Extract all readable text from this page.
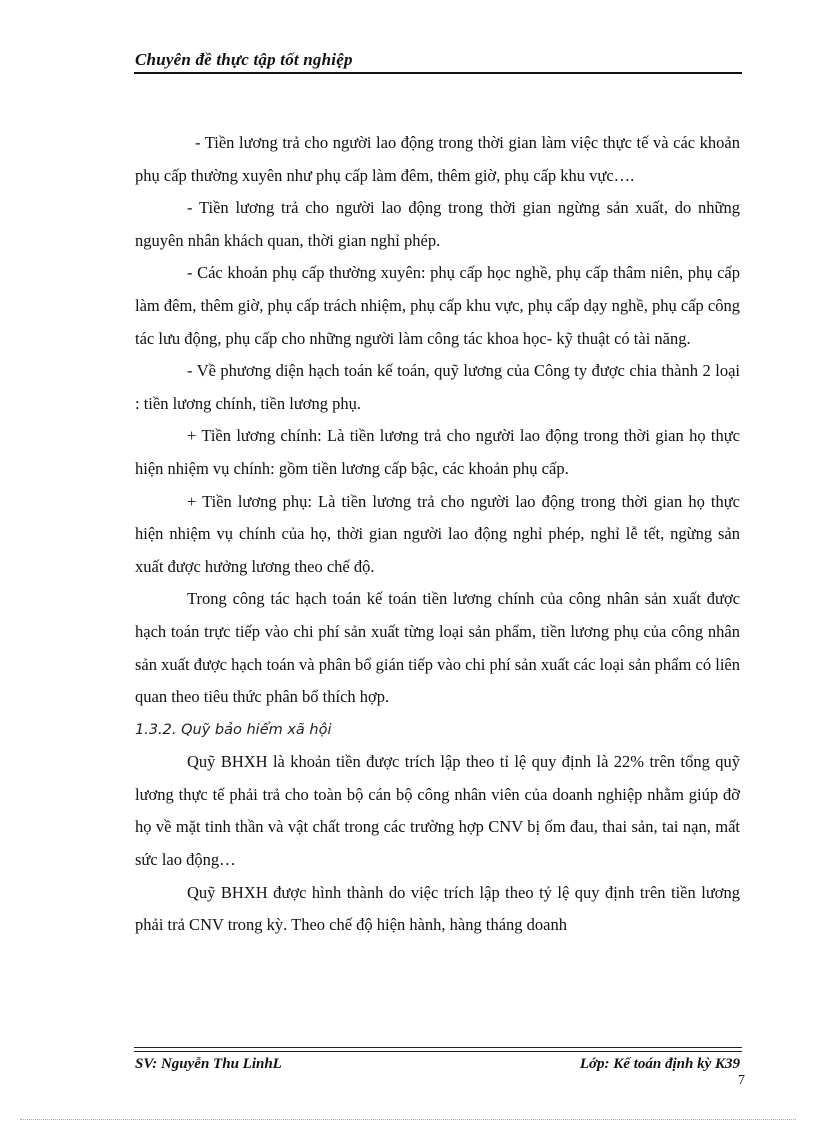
Chuyên đề thực tập tốt nghiệp

- Tiền lương trả cho người lao động trong thời gian làm việc thực tế và các khoản phụ cấp thường xuyên như phụ cấp làm đêm, thêm giờ, phụ cấp khu vực….

- Tiền lương trả cho người lao động trong thời gian ngừng sản xuất, do những nguyên nhân khách quan, thời gian nghỉ phép.

- Các khoản phụ cấp thường xuyên: phụ cấp học nghề, phụ cấp thâm niên, phụ cấp làm đêm, thêm giờ, phụ cấp trách nhiệm, phụ cấp khu vực, phụ cấp dạy nghề, phụ cấp công tác lưu động, phụ cấp cho những người làm công tác khoa học- kỹ thuật có tài năng.

- Về phương diện hạch toán kế toán, quỹ lương của Công ty được chia thành 2 loại : tiền lương chính, tiền lương phụ.

+ Tiền lương chính: Là tiền lương trả cho người lao động trong thời gian họ thực hiện nhiệm vụ chính: gồm tiền lương cấp bậc, các khoản phụ cấp.

+ Tiền lương phụ: Là tiền lương trả cho người lao động trong thời gian họ thực hiện nhiệm vụ chính của họ, thời gian người lao động nghỉ phép, nghỉ lễ tết, ngừng sản xuất được hưởng lương theo chế độ.

Trong công tác hạch toán kế toán tiền lương chính của công nhân sản xuất được hạch toán trực tiếp vào chi phí sản xuất từng loại sản phẩm, tiền lương phụ của công nhân sản xuất được hạch toán và phân bổ gián tiếp vào chi phí sản xuất các loại sản phẩm có liên quan theo tiêu thức phân bổ thích hợp.

1.3.2. Quỹ bảo hiểm xã hội

Quỹ BHXH là khoản tiền được trích lập theo tỉ lệ quy định là 22% trên tổng quỹ lương thực tế phải trả cho toàn bộ cán bộ công nhân viên của doanh nghiệp nhằm giúp đỡ họ về mặt tinh thần và vật chất trong các trường hợp CNV bị ốm đau, thai sản, tai nạn, mất sức lao động…

Quỹ BHXH được hình thành do việc trích lập theo tỷ lệ quy định trên tiền lương phải trả CNV trong kỳ. Theo chế độ hiện hành, hàng tháng doanh

SV: Nguyễn Thu LinhL	Lớp: Kế toán định kỳ K39
7
